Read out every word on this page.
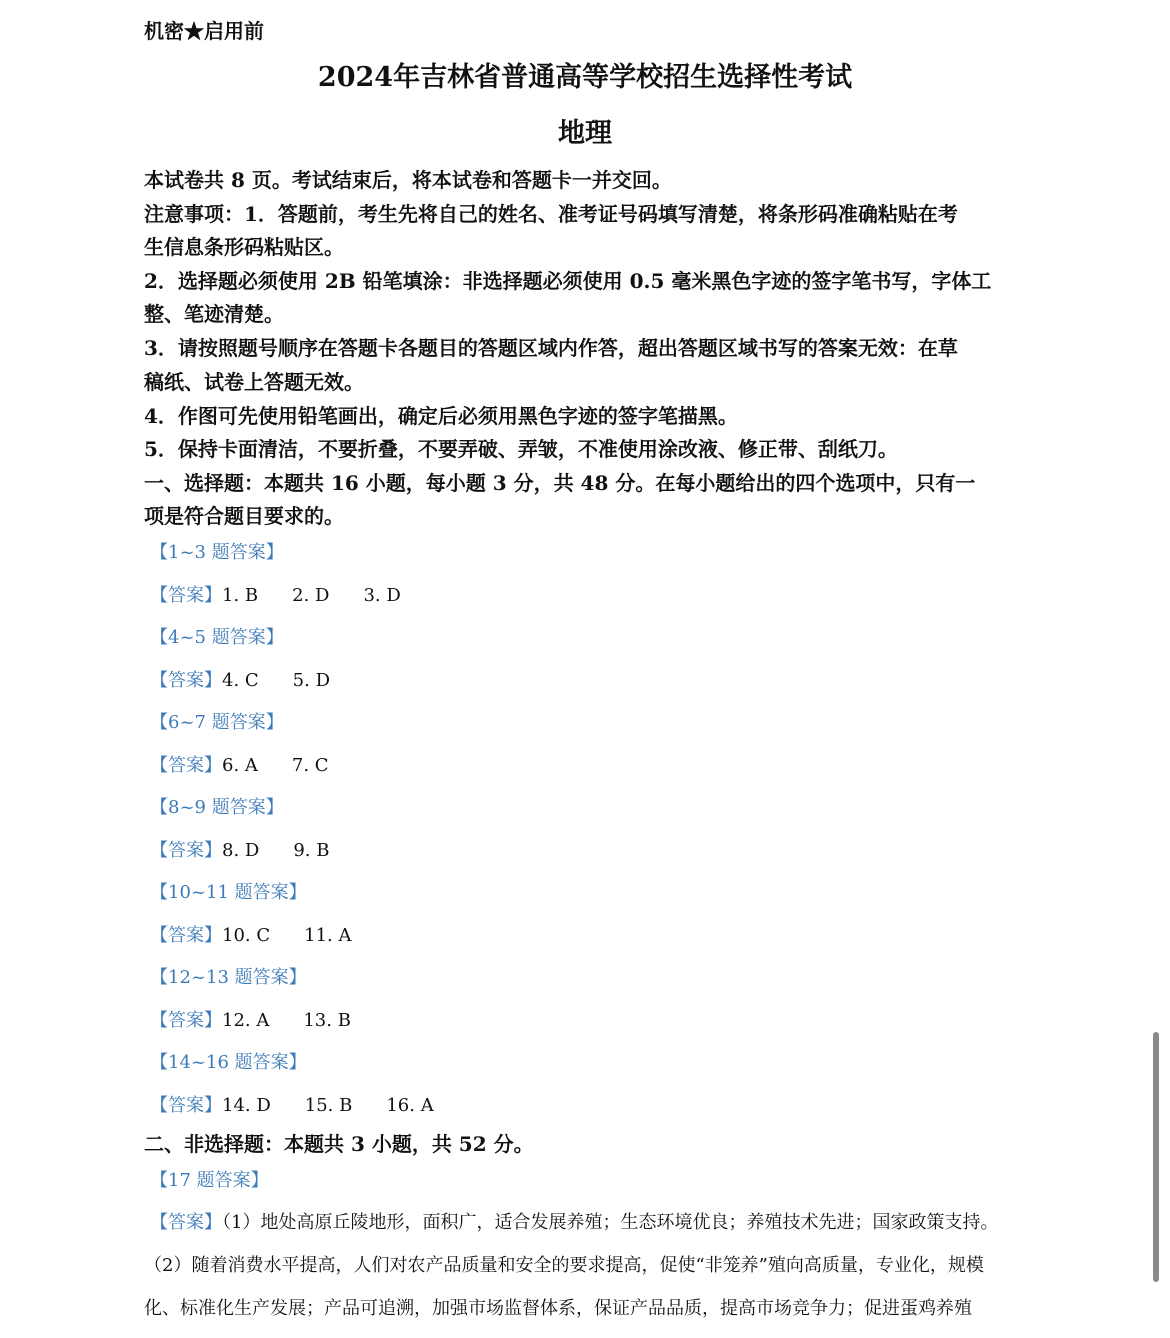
机密★启用前
2024年吉林省普通高等学校招生选择性考试
地理
本试卷共 8 页。考试结束后，将本试卷和答题卡一并交回。
注意事项：1．答题前，考生先将自己的姓名、准考证号码填写清楚，将条形码准确粘贴在考
生信息条形码粘贴区。
2．选择题必须使用 2B 铅笔填涂：非选择题必须使用 0.5 毫米黑色字迹的签字笔书写，字体工
整、笔迹清楚。
3．请按照题号顺序在答题卡各题目的答题区域内作答，超出答题区域书写的答案无效：在草
稿纸、试卷上答题无效。
4．作图可先使用铅笔画出，确定后必须用黑色字迹的签字笔描黑。
5．保持卡面清洁，不要折叠，不要弄破、弄皱，不准使用涂改液、修正带、刮纸刀。
一、选择题：本题共 16 小题，每小题 3 分，共 48 分。在每小题给出的四个选项中，只有一
项是符合题目要求的。
【1~3 题答案】
【答案】1. B 2. D 3. D
【4~5 题答案】
【答案】4. C 5. D
【6~7 题答案】
【答案】6. A 7. C
【8~9 题答案】
【答案】8. D 9. B
【10~11 题答案】
【答案】10. C 11. A
【12~13 题答案】
【答案】12. A 13. B
【14~16 题答案】
【答案】14. D 15. B 16. A
二、非选择题：本题共 3 小题，共 52 分。
【17 题答案】
【答案】（1）地处高原丘陵地形，面积广，适合发展养殖；生态环境优良；养殖技术先进；国家政策支持。
（2）随着消费水平提高，人们对农产品质量和安全的要求提高，促使“非笼养”殖向高质量，专业化，规模
化、标准化生产发展；产品可追溯，加强市场监督体系，保证产品品质，提高市场竞争力；促进蛋鸡养殖
